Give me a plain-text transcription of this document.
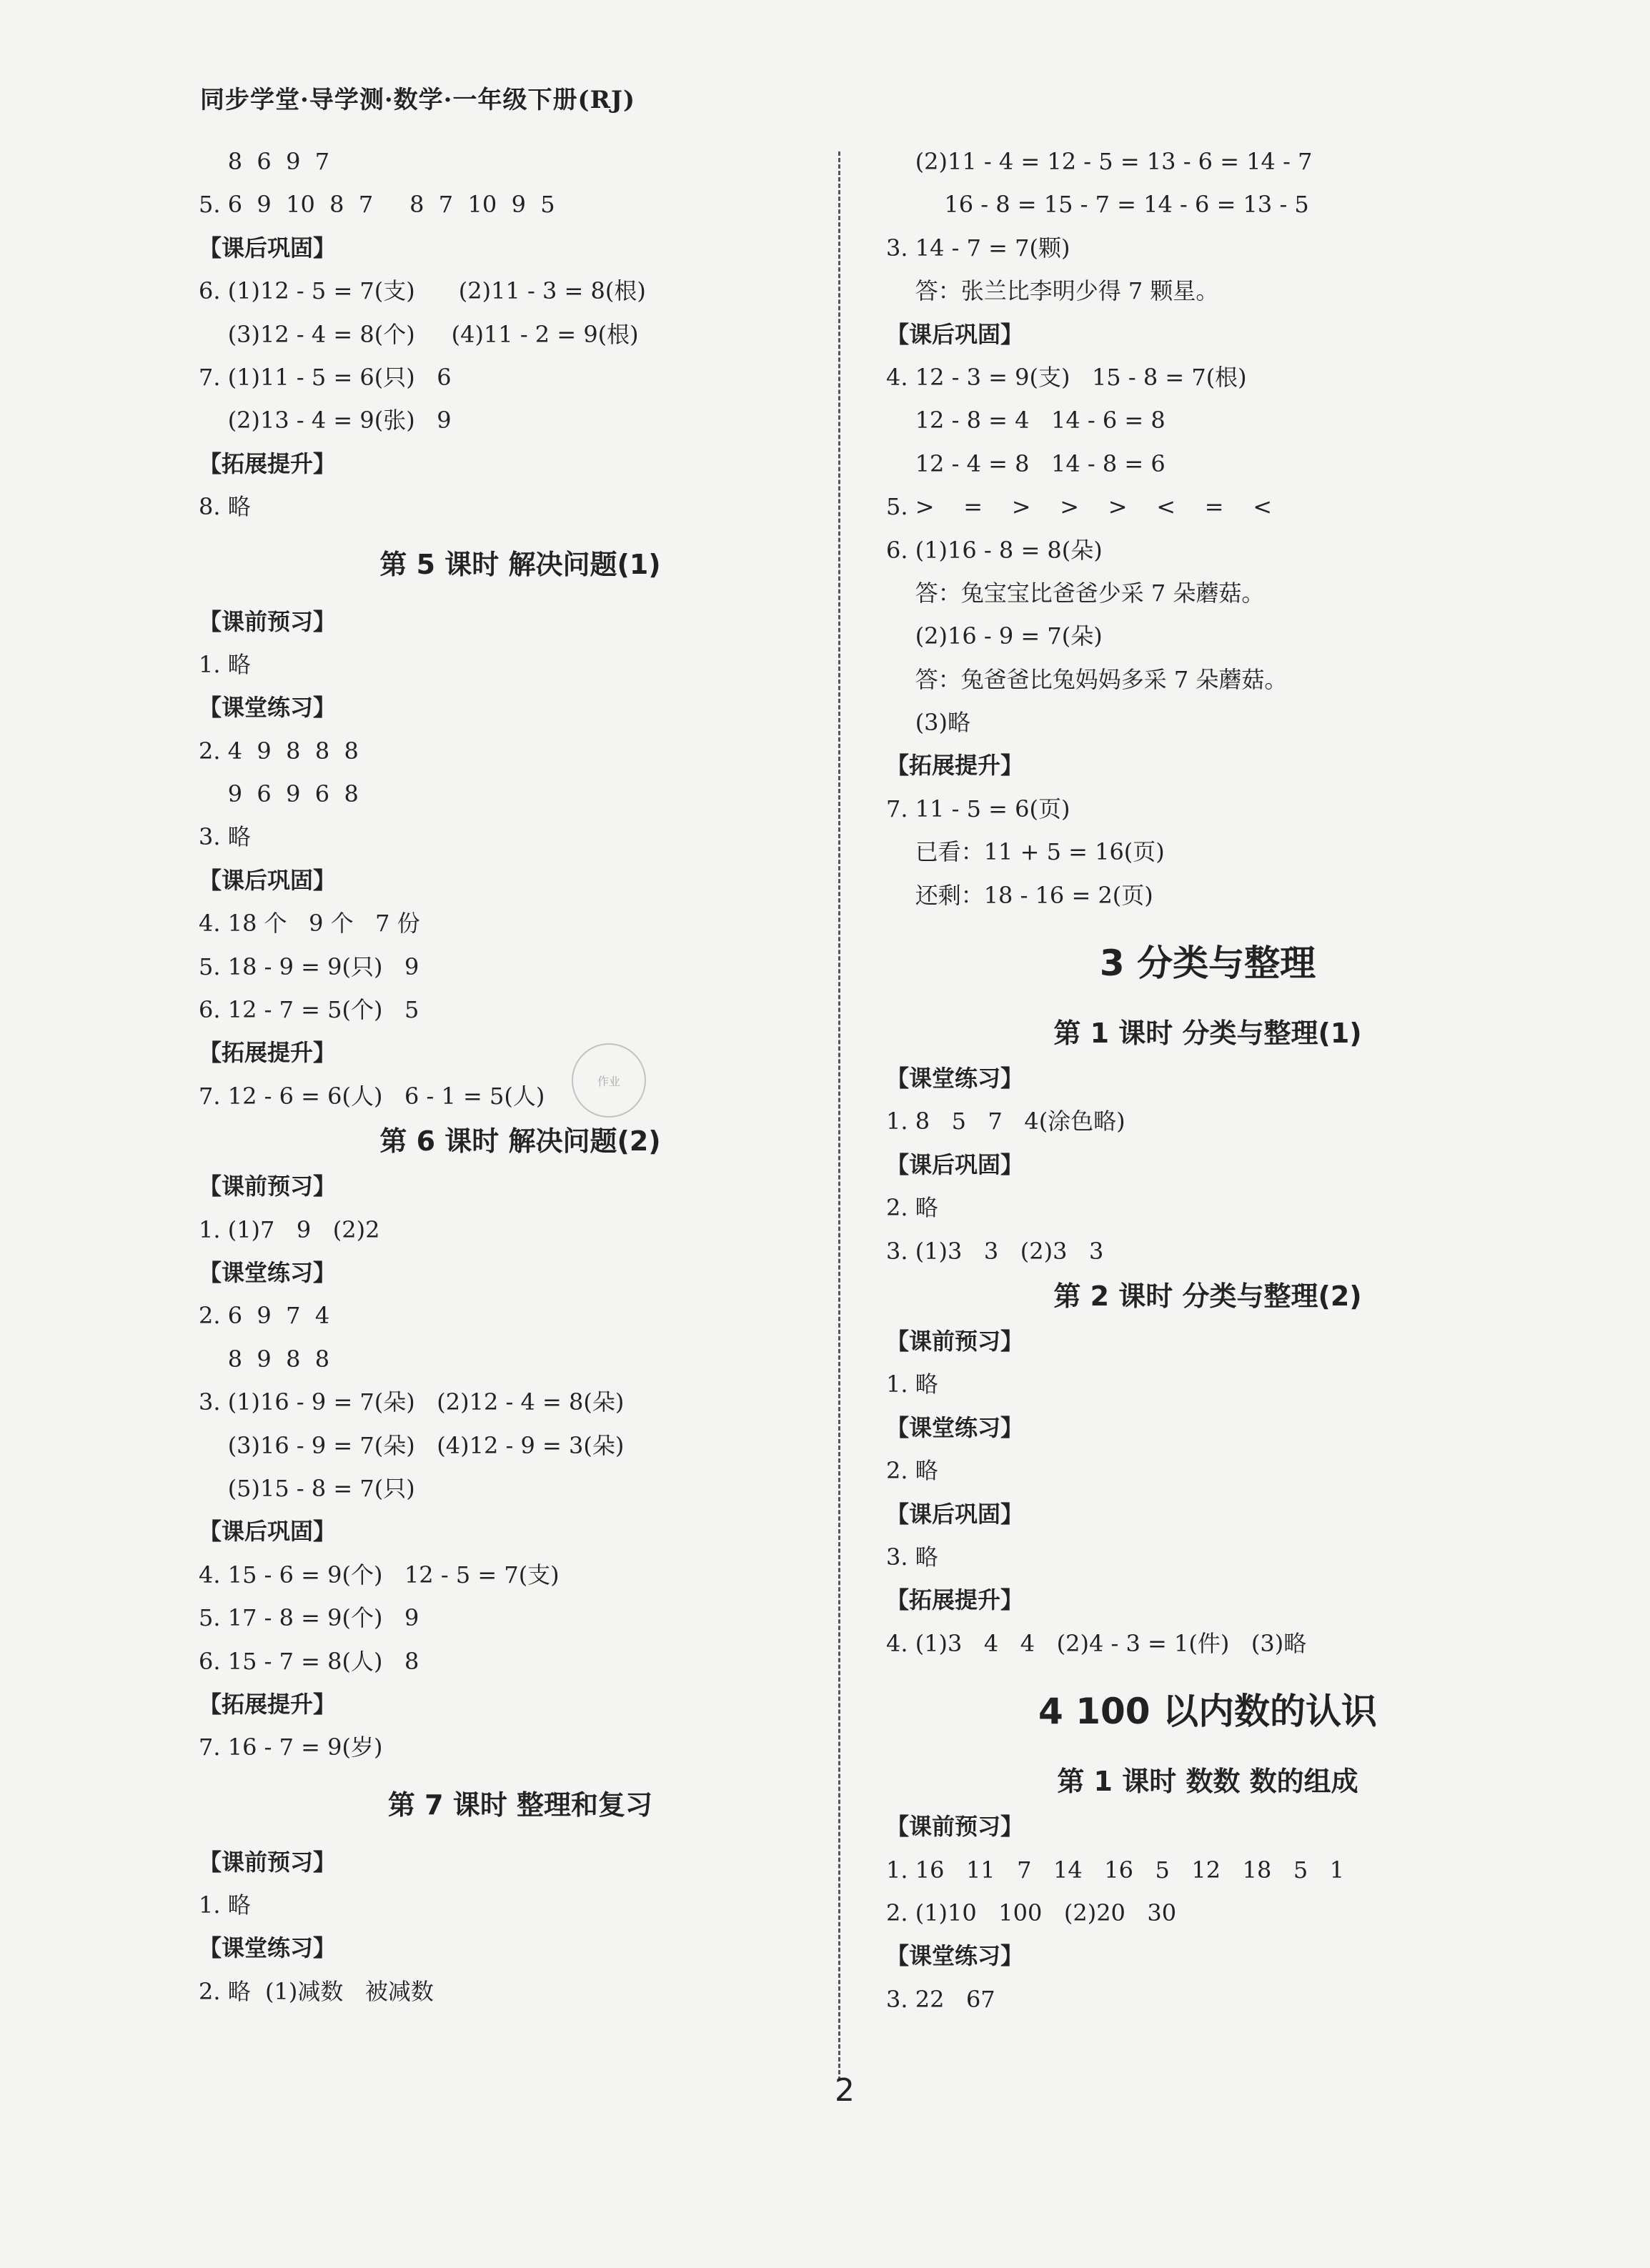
同步学堂·导学测·数学·一年级下册(RJ)
8  6  9  7
5. 6  9  10  8  7     8  7  10  9  5
【课后巩固】
6. (1)12 - 5 = 7(支)      (2)11 - 3 = 8(根)
(3)12 - 4 = 8(个)     (4)11 - 2 = 9(根)
7. (1)11 - 5 = 6(只)   6
(2)13 - 4 = 9(张)   9
【拓展提升】
8. 略
第 5 课时 解决问题(1)
【课前预习】
1. 略
【课堂练习】
2. 4  9  8  8  8
9  6  9  6  8
3. 略
【课后巩固】
4. 18 个   9 个   7 份
5. 18 - 9 = 9(只)   9
6. 12 - 7 = 5(个)   5
【拓展提升】
7. 12 - 6 = 6(人)   6 - 1 = 5(人)
第 6 课时 解决问题(2)
【课前预习】
1. (1)7   9   (2)2
【课堂练习】
2. 6  9  7  4
8  9  8  8
3. (1)16 - 9 = 7(朵)   (2)12 - 4 = 8(朵)
(3)16 - 9 = 7(朵)   (4)12 - 9 = 3(朵)
(5)15 - 8 = 7(只)
【课后巩固】
4. 15 - 6 = 9(个)   12 - 5 = 7(支)
5. 17 - 8 = 9(个)   9
6. 15 - 7 = 8(人)   8
【拓展提升】
7. 16 - 7 = 9(岁)
第 7 课时 整理和复习
【课前预习】
1. 略
【课堂练习】
2. 略  (1)减数   被减数
(2)11 - 4 = 12 - 5 = 13 - 6 = 14 - 7
16 - 8 = 15 - 7 = 14 - 6 = 13 - 5
3. 14 - 7 = 7(颗)
答：张兰比李明少得 7 颗星。
【课后巩固】
4. 12 - 3 = 9(支)   15 - 8 = 7(根)
12 - 8 = 4   14 - 6 = 8
12 - 4 = 8   14 - 8 = 6
5. >    =    >    >    >    <    =    <
6. (1)16 - 8 = 8(朵)
答：兔宝宝比爸爸少采 7 朵蘑菇。
(2)16 - 9 = 7(朵)
答：兔爸爸比兔妈妈多采 7 朵蘑菇。
(3)略
【拓展提升】
7. 11 - 5 = 6(页)
已看：11 + 5 = 16(页)
还剩：18 - 16 = 2(页)
3 分类与整理
第 1 课时 分类与整理(1)
【课堂练习】
1. 8   5   7   4(涂色略)
【课后巩固】
2. 略
3. (1)3   3   (2)3   3
第 2 课时 分类与整理(2)
【课前预习】
1. 略
【课堂练习】
2. 略
【课后巩固】
3. 略
【拓展提升】
4. (1)3   4   4   (2)4 - 3 = 1(件)   (3)略
4 100 以内数的认识
第 1 课时 数数 数的组成
【课前预习】
1. 16   11   7   14   16   5   12   18   5   1
2. (1)10   100   (2)20   30
【课堂练习】
3. 22   67
作业
2
